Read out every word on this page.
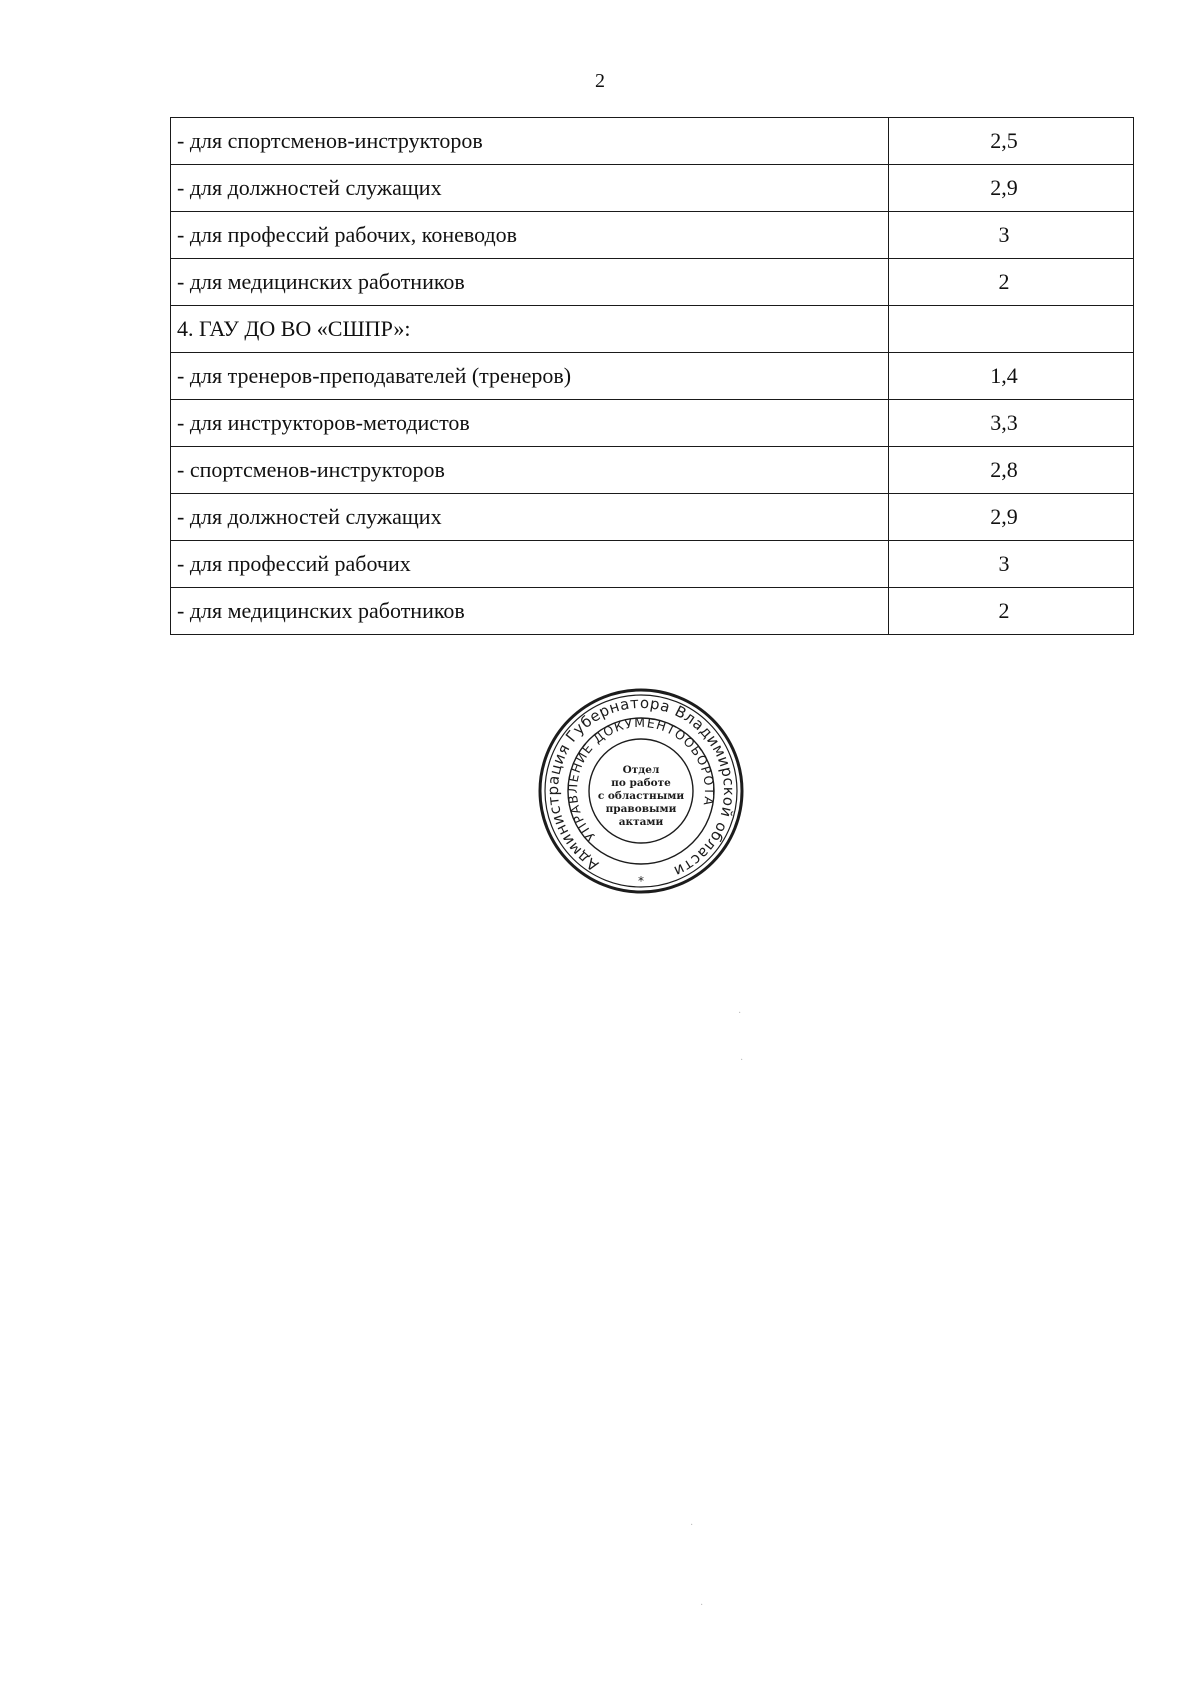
2
- для спортсменов-инструкторов	2,5
- для должностей служащих	2,9
- для профессий рабочих, коневодов	3
- для медицинских работников	2
4. ГАУ ДО ВО «СШПР»:	
- для тренеров-преподавателей (тренеров)	1,4
- для инструкторов-методистов	3,3
- спортсменов-инструкторов	2,8
- для должностей служащих	2,9
- для профессий рабочих	3
- для медицинских работников	2
Администрация Губернатора Владимирской области
УПРАВЛЕНИЕ ДОКУМЕНТООБОРОТА
Отдел
по работе
с областными
правовыми
актами
*
·
·
·
·
